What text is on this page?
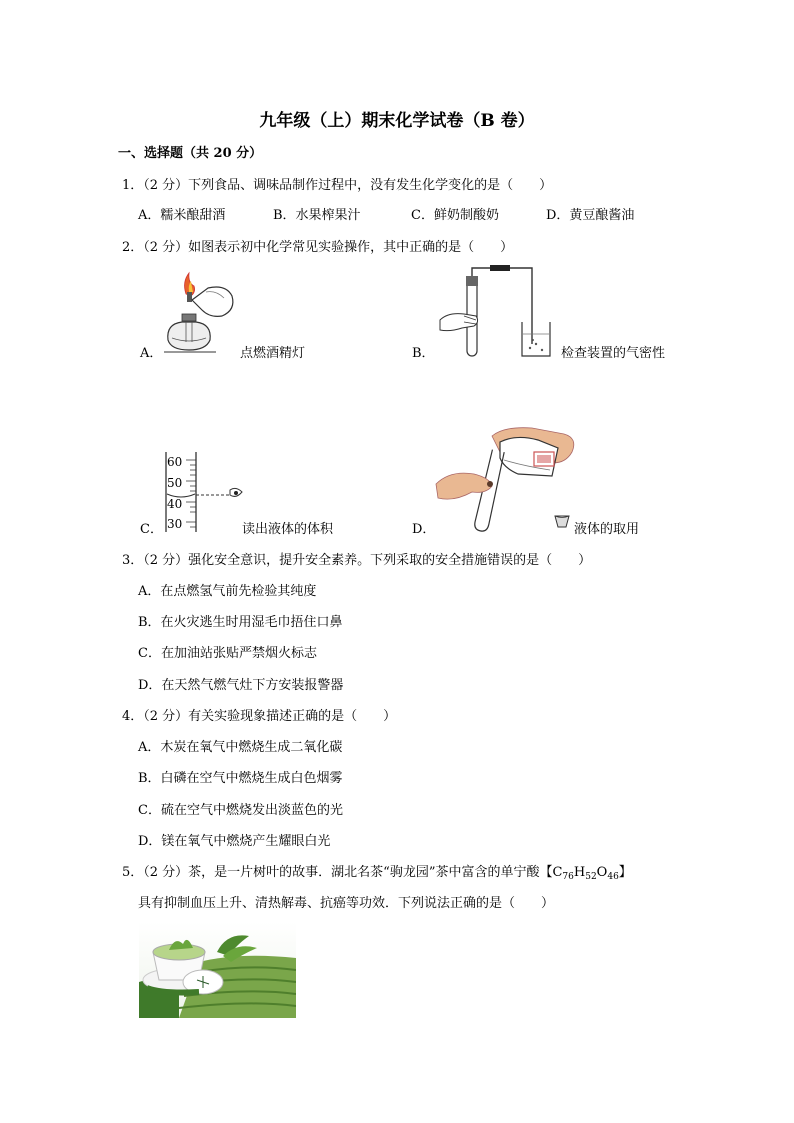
九年级（上）期末化学试卷（B 卷）
一、选择题（共 20 分）
1．（2 分）下列食品、调味品制作过程中，没有发生化学变化的是（　　）
A．糯米酿甜酒	B．水果榨果汁	C．鲜奶制酸奶	D．黄豆酿酱油
2．（2 分）如图表示初中化学常见实验操作，其中正确的是（　　）
A．	点燃酒精灯	B．	检查装置的气密性
60
50
40
30
C．	读出液体的体积	D．	液体的取用
3．（2 分）强化安全意识，提升安全素养。下列采取的安全措施错误的是（　　）
A．在点燃氢气前先检验其纯度
B．在火灾逃生时用湿毛巾捂住口鼻
C．在加油站张贴严禁烟火标志
D．在天然气燃气灶下方安装报警器
4．（2 分）有关实验现象描述正确的是（　　）
A．木炭在氧气中燃烧生成二氧化碳
B．白磷在空气中燃烧生成白色烟雾
C．硫在空气中燃烧发出淡蓝色的光
D．镁在氧气中燃烧产生耀眼白光
5．（2 分）茶，是一片树叶的故事．湖北名茶“驹龙园”茶中富含的单宁酸【$C_{76}H_{52}O_{46}$】
具有抑制血压上升、清热解毒、抗癌等功效．下列说法正确的是（　　）
